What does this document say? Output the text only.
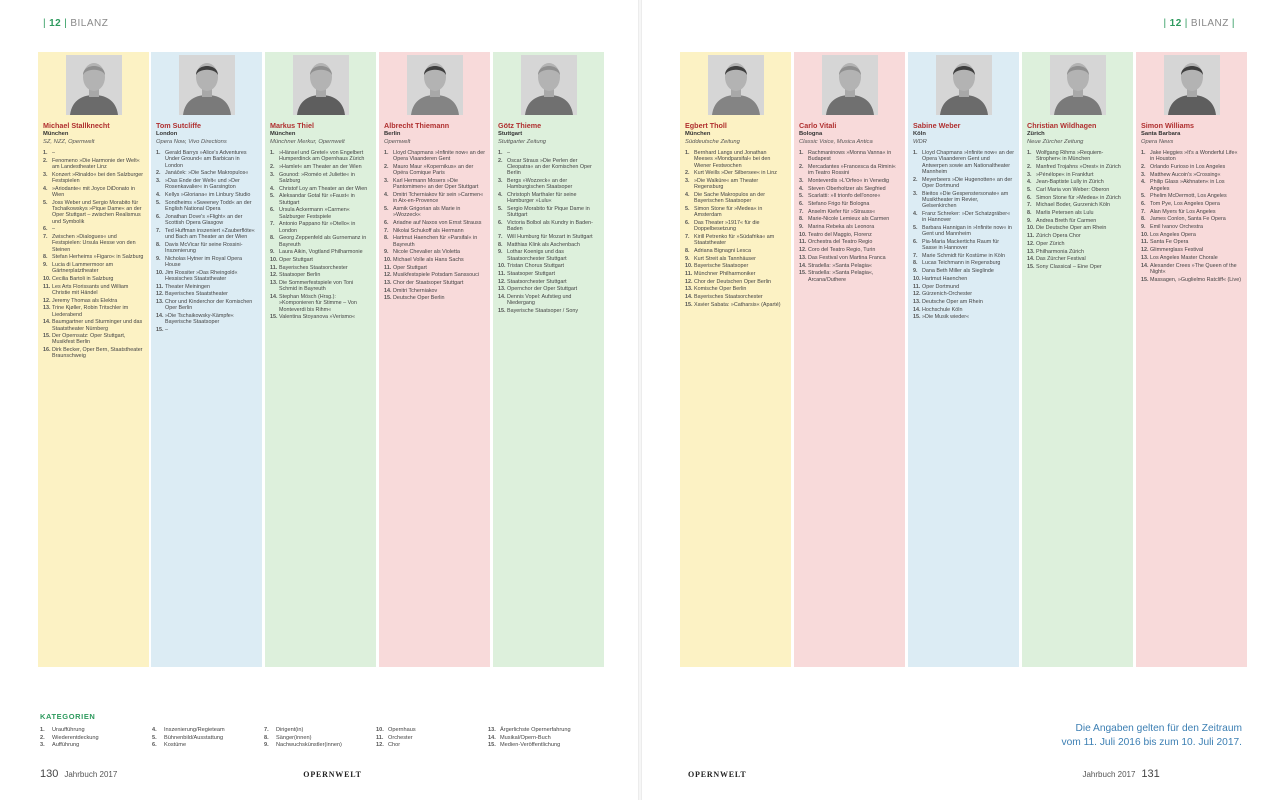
| 12 | BILANZ
Michael Stallknecht
München
SZ, NZZ, Opernwelt
1. –
2. Fenomeno »Die Harmonie der Welt« am Landestheater Linz
3. Konzert »Rinaldo« bei den Salzburger Festspielen
4. »Ariodante« mit Joyce DiDonato in Wien
5. Joss Weber und Sergio Morabito für Tschaikowskys »Pique Dame« an der Oper Stuttgart – zwischen Realismus und Symbolik
6. –
7. Zwischen »Dialogues« und Festspielen: Ursula Hesse von den Steinen
8. Stefan Herheims »Figaro« in Salzburg
9. Lucia di Lammermoor am Gärtnerplatztheater
10. Cecilia Bartoli in Salzburg
11. Les Arts Florissants und William Christie mit Händel
12. Jeremy Thomas als Elektra
13. Trine Kjøller, Robin Tritschler im Liederabend
14. Baumgartner und Sturminger und das Staatstheater Nürnberg
15. Der Opernsatz: Oper Stuttgart, Musikfest Berlin
16. Dirk Becker, Oper Bern, Staatstheater Braunschweig
Tom Sutcliffe
London
Opera Now, Vivo Directions
1. Gerald Barrys »Alice's Adventures Under Ground« am Barbican in London
2. Janáček: »Die Sache Makropulos«
3. »Das Ende der Welt« und »Der Rosenkavalier« in Garsington
4. Kellys »Gloriana« im Linbury Studio
5. Sondheims »Sweeney Todd« an der English National Opera
6. Jonathan Dove's »Flight« an der Scottish Opera Glasgow
7. Ted Huffman inszeniert »Zauberflöte« und Bach am Theater an der Wien
8. Davis McVicar für seine Rossini-Inszenierung
9. Nicholas Hytner im Royal Opera House
10. Jim Rossiter »Das Rheingold« Hessisches Staatstheater
11. Theater Meiningen
12. Bayerisches Staatstheater
13. Chor und Kinderchor der Komischen Oper Berlin
14. »Die Tschaikowsky-Kämpfe« Bayerische Staatsoper
15. –
Markus Thiel
München
Münchner Merkur, Opernwelt
1. »Hänsel und Gretel« von Engelbert Humperdinck am Opernhaus Zürich
2. »Hamlet« am Theater an der Wien
3. Gounod: »Roméo et Juliette« in Salzburg
4. Christof Loy am Theater an der Wien
5. Aleksandar Gotal für »Faust« in Stuttgart
6. Ursula Ackermann »Carmen« Salzburger Festspiele
7. Antonio Pappano für »Otello« in London
8. Georg Zeppenfeld als Gurnemanz in Bayreuth
9. Laura Aikin, Vogtland Philharmonie
10. Oper Stuttgart
11. Bayerisches Staatsorchester
12. Staatsoper Berlin
13. Die Sommerfestspiele von Toni Schmid in Bayreuth
14. Stephan Mösch (Hrsg.): »Komponieren für Stimme – Von Monteverdi bis Rihm«
15. Valentina Stoyanova »Verismo«
Albrecht Thiemann
Berlin
Opernwelt
1. Lloyd Chapmans »Infinite now« an der Opera Vlaanderen Gent
2. Mauro Maur »Kopernikus« an der Opéra Comique Paris
3. Karl Hermann Mosers »Die Pantomimen« an der Oper Stuttgart
4. Dmitri Tcherniakov für sein »Carmen« in Aix-en-Provence
5. Asmik Grigorian als Marie in »Wozzeck«
6. Ariadne auf Naxos von Ernst Strauss
7. Nikolai Schukoff als Hermann
8. Hartmut Haenchen für »Parsifal« in Bayreuth
9. Nicole Chevalier als Violetta
10. Michael Volle als Hans Sachs
11. Oper Stuttgart
12. Musikfestspiele Potsdam Sanssouci
13. Chor der Staatsoper Stuttgart
14. Dmitri Tcherniakov
15. Deutsche Oper Berlin
Götz Thieme
Stuttgart
Stuttgarter Zeitung
1. –
2. Oscar Straus »Die Perlen der Cleopatra« an der Komischen Oper Berlin
3. Bergs »Wozzeck« an der Hamburgischen Staatsoper
4. Christoph Marthaler für seine Hamburger »Lulu«
5. Sergio Morabito für Pique Dame in Stuttgart
6. Victoria Bolbol als Kundry in Baden-Baden
7. Will Humburg für Mozart in Stuttgart
8. Matthias Klink als Aschenbach
9. Lothar Koenigs und das Staatsorchester Stuttgart
10. Tristan Chorus Stuttgart
11. Staatsoper Stuttgart
12. Staatsorchester Stuttgart
13. Opernchor der Oper Stuttgart
14. Dennis Vopel: Aufstieg und Niedergang
15. Bayerische Staatsoper / Sony
KATEGORIEN
1. Uraufführung
2. Wiederentdeckung
3. Aufführung
4. Inszenierung/Regieteam
5. Bühnenbild/Ausstattung
6. Kostüme
7. Dirigent(in)
8. Sänger(innen)
9. Nachwuchskünstler(innen)
10. Opernhaus
11. Orchester
12. Chor
13. Ärgerlichste Opernerfahrung
14. Musikal/Opern-Buch
15. Medien-Veröffentlichung
130 Jahrbuch 2017	OPERNWELT
| 12 | BILANZ |
Egbert Tholl
München
Süddeutsche Zeitung
1. Bernhard Langs und Jonathan Meeses »Mondparsifal« bei den Wiener Festwochen
2. Kurt Weills »Der Silbersee« in Linz
3. »Die Walküre« am Theater Regensburg
4. Die Sache Makropulos an der Bayerischen Staatsoper
5. Simon Stone für »Medea« in Amsterdam
6. Das Theater »1917« für die Doppelbesetzung
7. Kirill Petrenko für »Südafrika« am Staatstheater
8. Adriana Bignagni Lesca
9. Kurt Streit als Tannhäuser
10. Bayerische Staatsoper
11. Münchner Philharmoniker
12. Chor der Deutschen Oper Berlin
13. Komische Oper Berlin
14. Bayerisches Staatsorchester
15. Xavier Sabata: »Catharsis« (Aparté)
Carlo Vitali
Bologna
Classic Voice, Musica Antica
1. Rachmaninows »Monna Vanna« in Budapest
2. Mercadantes »Francesca da Rimini« im Teatro Rossini
3. Monteverdis »L'Orfeo« in Venedig
4. Steven Oberholtzer als Siegfried
5. Scarlatti: »Il trionfo dell'onore«
6. Stefano Frigo für Bologna
7. Anselm Kiefer für »Strauss«
8. Marie-Nicole Lemieux als Carmen
9. Marina Rebeka als Leonora
10. Teatro del Maggio, Florenz
11. Orchestra del Teatro Regio
12. Coro del Teatro Regio, Turin
13. Das Festival von Martina Franca
14. Stradella: »Santa Pelagia«
15. Stradella: »Santa Pelagia«, Arcana/Outhere
Sabine Weber
Köln
WDR
1. Lloyd Chapmans »Infinite now« an der Opera Vlaanderen Gent und Antwerpen sowie am Nationaltheater Mannheim
2. Meyerbeers »Die Hugenotten« an der Oper Dortmund
3. Bieitos »Die Gespenstersonate« am Musiktheater im Revier, Gelsenkirchen
4. Franz Schreker: »Der Schatzgräber« in Hannover
5. Barbara Hannigan in »Infinite now« in Gent und Mannheim
6. Pia-Maria Mackertichs Raum für Sasse in Hannover
7. Marie Schmidt für Kostüme in Köln
8. Lucas Teichmann in Regensburg
9. Dana Beth Miller als Sieglinde
10. Hartmut Haenchen
11. Oper Dortmund
12. Gürzenich-Orchester
13. Deutsche Oper am Rhein
14. Hochschule Köln
15. »Die Musik wieder«
Christian Wildhagen
Zürich
Neue Zürcher Zeitung
1. Wolfgang Rihms »Requiem-Strophen« in München
2. Manfred Trojahns »Orest« in Zürich
3. »Pénélope« in Frankfurt
4. Jean-Baptiste Lully in Zürich
5. Carl Maria von Weber: Oberon
6. Simon Stone für »Medea« in Zürich
7. Michael Boder, Gurzenich Köln
8. Marlis Petersen als Lulu
9. Andrea Breth für Carmen
10. Die Deutsche Oper am Rhein
11. Zürich Opera Chor
12. Oper Zürich
13. Philharmonia Zürich
14. Das Zürcher Festival
15. Sony Classical – Eine Oper
Simon Williams
Santa Barbara
Opera News
1. Jake Heggies »It's a Wonderful Life« in Houston
2. Orlando Furioso in Los Angeles
3. Matthew Aucoin's »Crossing«
4. Philip Glass »Akhnaten« in Los Angeles
5. Phelim McDermott, Los Angeles
6. Tom Pye, Los Angeles Opera
7. Alan Myers für Los Angeles
8. James Conlon, Santa Fe Opera
9. Emil Ivanov Orchestra
10. Los Angeles Opera
11. Santa Fe Opera
12. Glimmerglass Festival
13. Los Angeles Master Chorale
14. Alexander Crees »The Queen of the Night«
15. Massagen, »Guglielmo Ratcliff« (Live)
Die Angaben gelten für den Zeitraum
vom 11. Juli 2016 bis zum 10. Juli 2017.
OPERNWELT	Jahrbuch 2017 131
